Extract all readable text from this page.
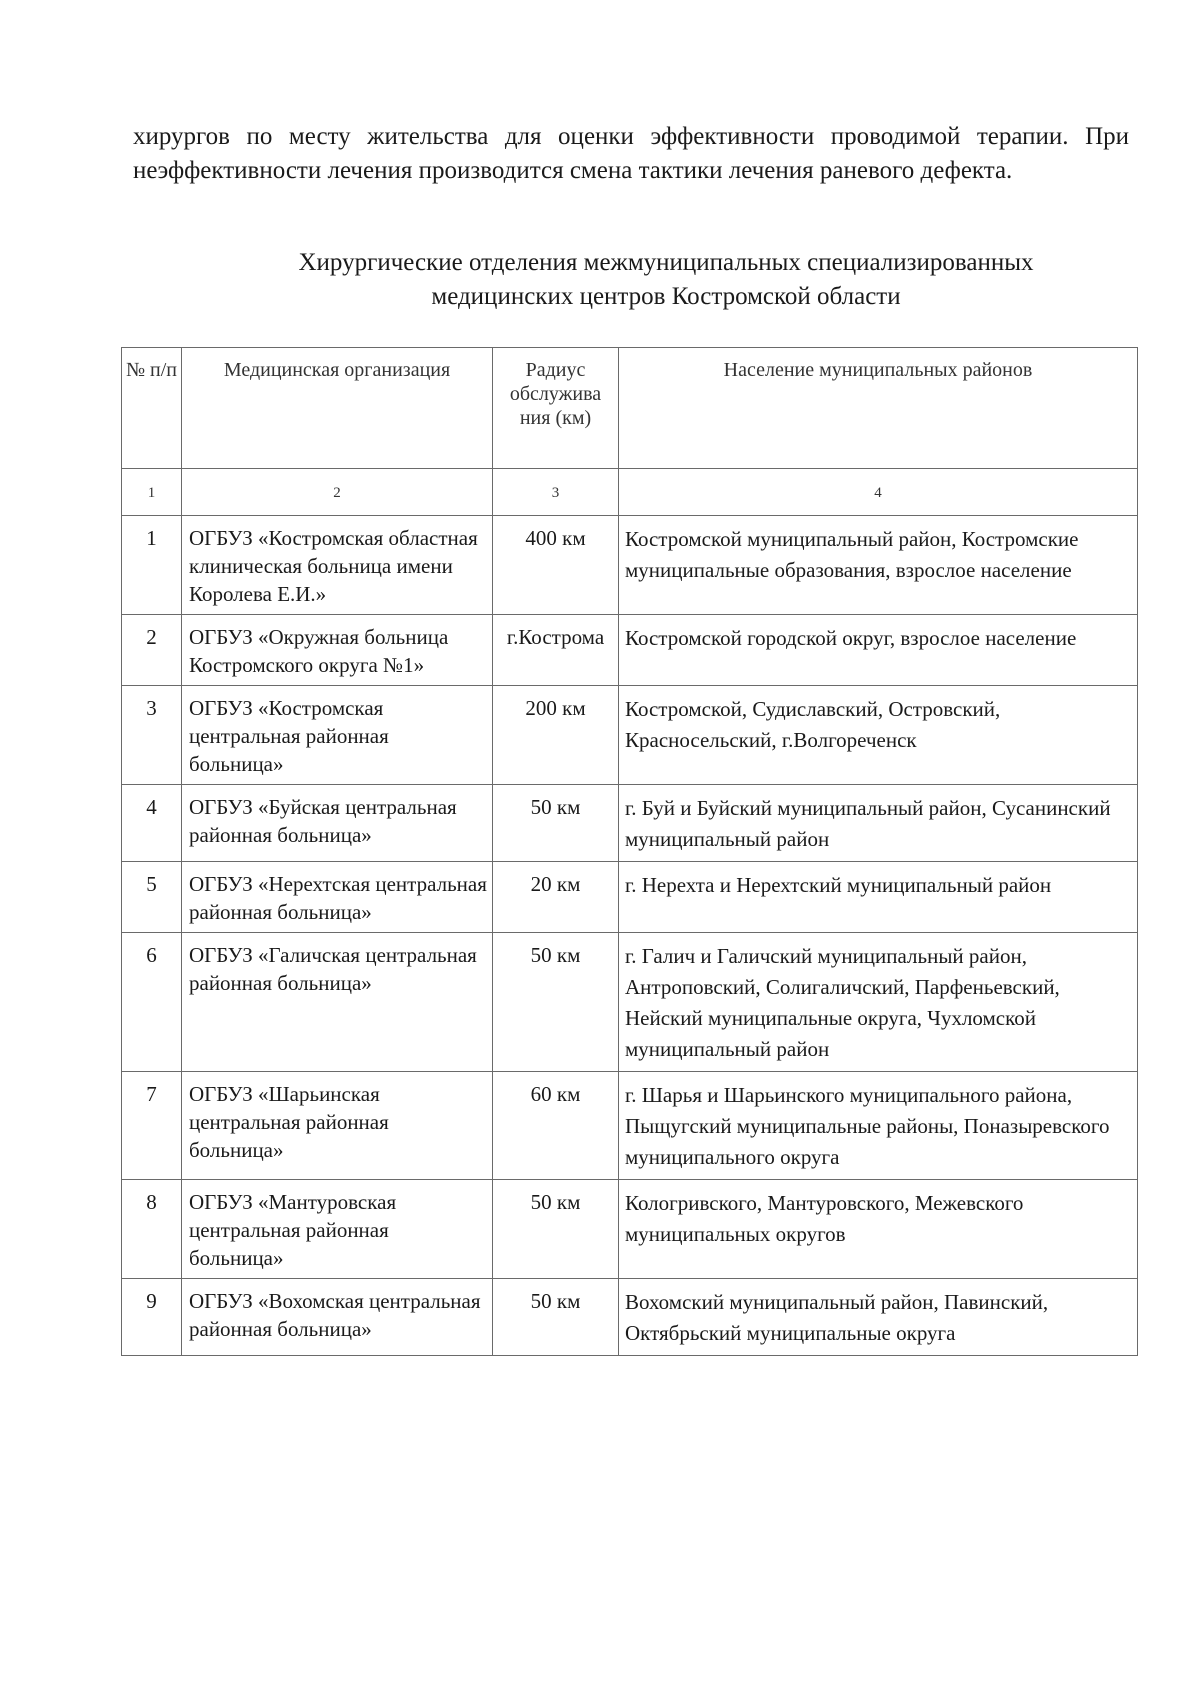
хирургов по месту жительства для оценки эффективности проводимой терапии. При неэффективности лечения производится смена тактики лечения раневого дефекта.

Хирургические отделения межмуниципальных специализированных
медицинских центров Костромской области
№ п/п	Медицинская организация	Радиус обслужива ния (км)	Население муниципальных районов
1	2	3	4
1	ОГБУЗ «Костромская областная клиническая больница имени Королева Е.И.»	400 км	Костромской муниципальный район, Костромские муниципальные образования, взрослое население
2	ОГБУЗ «Окружная больница Костромского округа №1»	г.Кострома	Костромской городской округ, взрослое население
3	ОГБУЗ «Костромская центральная районная больница»	200 км	Костромской, Судиславский, Островский, Красносельский, г.Волгореченск
4	ОГБУЗ «Буйская центральная районная больница»	50 км	г. Буй и Буйский муниципальный район, Сусанинский муниципальный район
5	ОГБУЗ «Нерехтская центральная районная больница»	20 км	г. Нерехта и Нерехтский муниципальный район
6	ОГБУЗ «Галичская центральная районная больница»	50 км	г. Галич и Галичский муниципальный район, Антроповский, Солигаличский, Парфеньевский, Нейский муниципальные округа, Чухломской муниципальный район
7	ОГБУЗ «Шарьинская центральная районная больница»	60 км	г. Шарья и Шарьинского муниципального района, Пыщугский муниципальные районы, Поназыревского муниципального округа
8	ОГБУЗ «Мантуровская центральная районная больница»	50 км	Кологривского, Мантуровского, Межевского муниципальных округов
9	ОГБУЗ «Вохомская центральная районная больница»	50 км	Вохомский муниципальный район, Павинский, Октябрьский муниципальные округа
